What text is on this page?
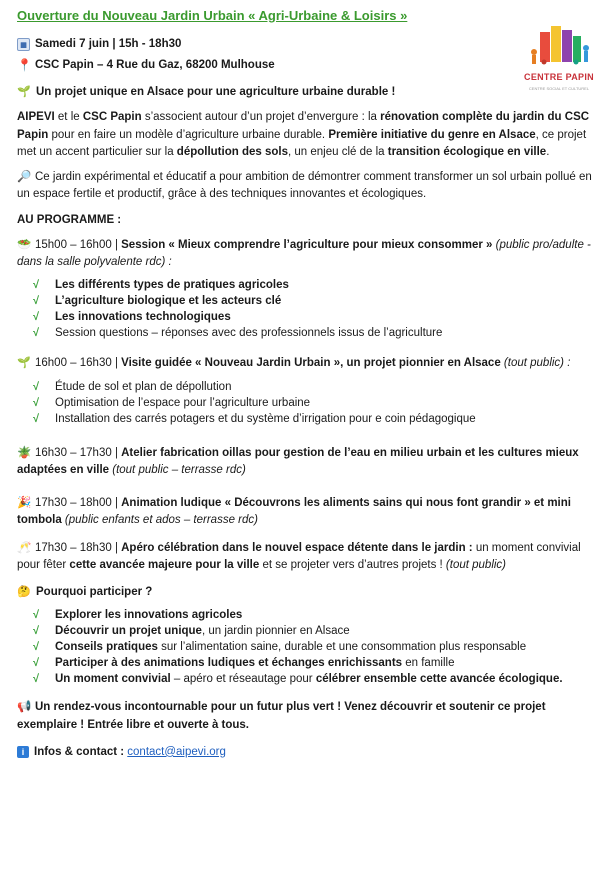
Ouverture du Nouveau Jardin Urbain « Agri-Urbaine & Loisirs »
▦ Samedi 7 juin | 15h - 18h30
📍 CSC Papin – 4 Rue du Gaz, 68200 Mulhouse
🌱 Un projet unique en Alsace pour une agriculture urbaine durable !
AIPEVI et le CSC Papin s’associent autour d’un projet d’envergure : la rénovation complète du jardin du CSC Papin pour en faire un modèle d’agriculture urbaine durable. Première initiative du genre en Alsace, ce projet met un accent particulier sur la dépollution des sols, un enjeu clé de la transition écologique en ville.
🔎 Ce jardin expérimental et éducatif a pour ambition de démontrer comment transformer un sol urbain pollué en un espace fertile et productif, grâce à des techniques innovantes et écologiques.
AU PROGRAMME :
🥗 15h00 – 16h00 | Session « Mieux comprendre l’agriculture pour mieux consommer » (public pro/adulte - dans la salle polyvalente rdc) :
√	Les différents types de pratiques agricoles
√	L’agriculture biologique et les acteurs clé
√	Les innovations technologiques
√	Session questions – réponses avec des professionnels issus de l’agriculture
🌱 16h00 – 16h30 | Visite guidée « Nouveau Jardin Urbain », un projet pionnier en Alsace (tout public) :
√	Étude de sol et plan de dépollution
√	Optimisation de l’espace pour l’agriculture urbaine
√	Installation des carrés potagers et du système d’irrigation pour e coin pédagogique
🪴 16h30 – 17h30 | Atelier fabrication oillas pour gestion de l’eau en milieu urbain et les cultures mieux adaptées en ville (tout public – terrasse rdc)
🎉 17h30 – 18h00 | Animation ludique « Découvrons les aliments sains qui nous font grandir » et mini tombola (public enfants et ados – terrasse rdc)
🥂 17h30 – 18h30 | Apéro célébration dans le nouvel espace détente dans le jardin : un moment convivial pour fêter cette avancée majeure pour la ville et se projeter vers d’autres projets ! (tout public)
🤔 Pourquoi participer ?
√	Explorer les innovations agricoles
√	Découvrir un projet unique, un jardin pionnier en Alsace
√	Conseils pratiques sur l’alimentation saine, durable et une consommation plus responsable
√	Participer à des animations ludiques et échanges enrichissants en famille
√	Un moment convivial – apéro et réseautage pour célébrer ensemble cette avancée écologique.
📢 Un rendez-vous incontournable pour un futur plus vert ! Venez découvrir et soutenir ce projet exemplaire ! Entrée libre et ouverte à tous.
i Infos & contact : contact@aipevi.org
CENTRE PAPIN
CENTRE SOCIAL ET CULTUREL
